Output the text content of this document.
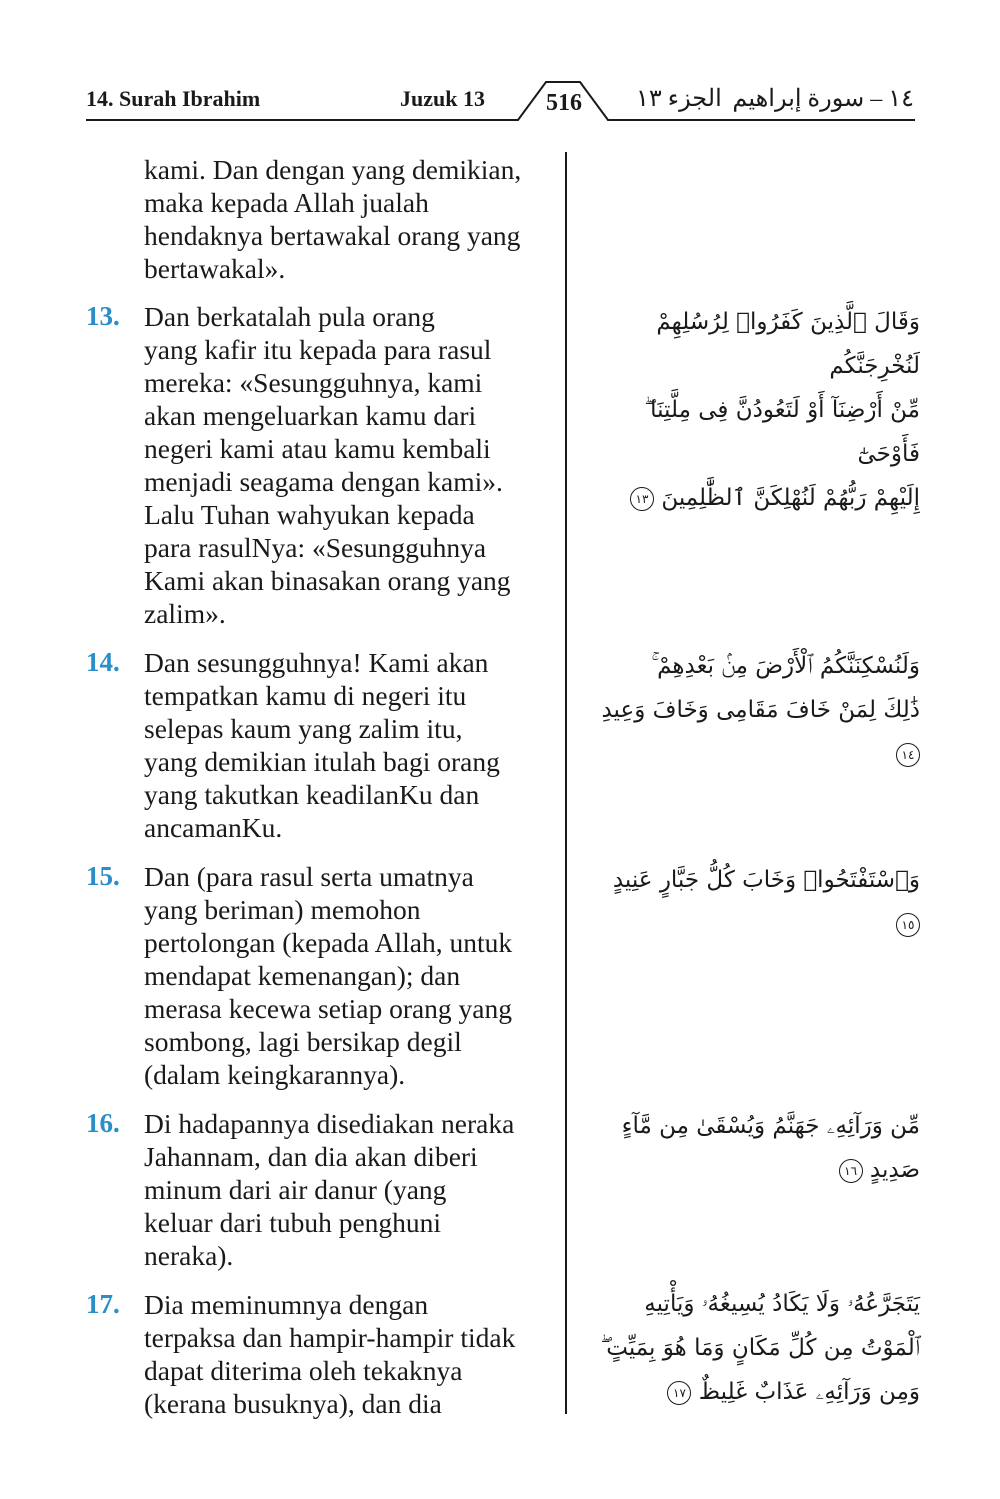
14. Surah Ibrahim	Juzuk 13	516	الجزء ١٣ ١٤ – سورة إبراهيم
kami. Dan dengan yang demikian,
maka kepada Allah jualah
hendaknya bertawakal orang yang
bertawakal».
13. Dan berkatalah pula orang
yang kafir itu kepada para rasul
mereka: «Sesungguhnya, kami
akan mengeluarkan kamu dari
negeri kami atau kamu kembali
menjadi seagama dengan kami».
Lalu Tuhan wahyukan kepada
para rasulNya: «Sesungguhnya
Kami akan binasakan orang yang
zalim».
وَقَالَ ٱلَّذِينَ كَفَرُوا۟ لِرُسُلِهِمْ لَنُخْرِجَنَّكُم
مِّنْ أَرْضِنَآ أَوْ لَتَعُودُنَّ فِى مِلَّتِنَا ۖ فَأَوْحَىٰٓ
إِلَيْهِمْ رَبُّهُمْ لَنُهْلِكَنَّ ٱلظَّٰلِمِينَ ١٣
14. Dan sesungguhnya! Kami akan
tempatkan kamu di negeri itu
selepas kaum yang zalim itu,
yang demikian itulah bagi orang
yang takutkan keadilanKu dan
ancamanKu.
وَلَنُسْكِنَنَّكُمُ ٱلْأَرْضَ مِنۢ بَعْدِهِمْ ۚ
ذَٰلِكَ لِمَنْ خَافَ مَقَامِى وَخَافَ وَعِيدِ ١٤
15. Dan (para rasul serta umatnya
yang beriman) memohon
pertolongan (kepada Allah, untuk
mendapat kemenangan); dan
merasa kecewa setiap orang yang
sombong, lagi bersikap degil
(dalam keingkarannya).
وَٱسْتَفْتَحُوا۟ وَخَابَ كُلُّ جَبَّارٍ عَنِيدٍ ١٥
16. Di hadapannya disediakan neraka
Jahannam, dan dia akan diberi
minum dari air danur (yang
keluar dari tubuh penghuni
neraka).
مِّن وَرَآئِهِۦ جَهَنَّمُ وَيُسْقَىٰ مِن مَّآءٍ صَدِيدٍ ١٦
17. Dia meminumnya dengan
terpaksa dan hampir-hampir tidak
dapat diterima oleh tekaknya
(kerana busuknya), dan dia
يَتَجَرَّعُهُۥ وَلَا يَكَادُ يُسِيغُهُۥ وَيَأْتِيهِ
ٱلْمَوْتُ مِن كُلِّ مَكَانٍ وَمَا هُوَ بِمَيِّتٍ ۖ
وَمِن وَرَآئِهِۦ عَذَابٌ غَلِيظٌ ١٧
